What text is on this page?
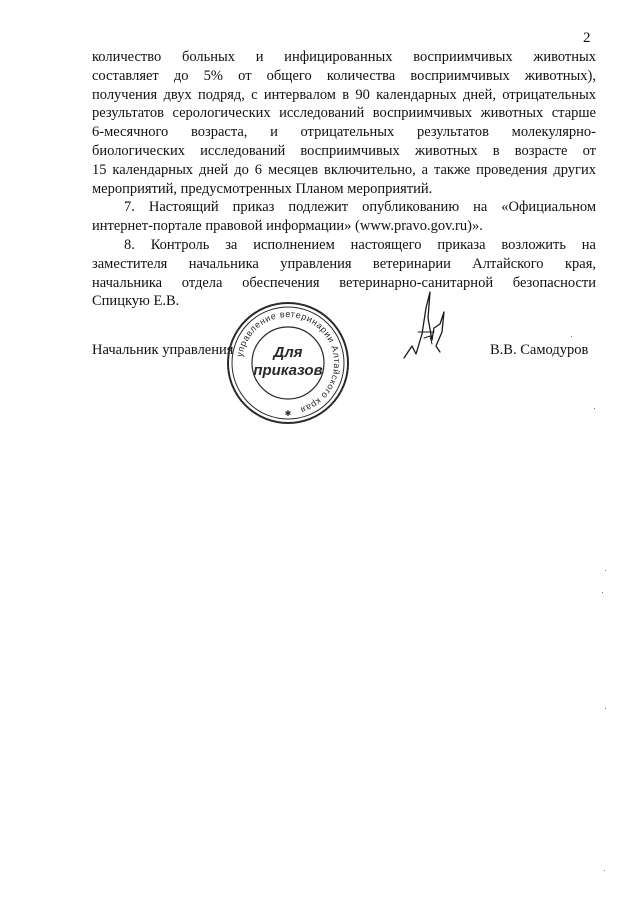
2

количество больных и инфицированных восприимчивых животных
составляет до 5% от общего количества восприимчивых животных),
получения двух подряд, с интервалом в 90 календарных дней, отрицательных
результатов серологических исследований восприимчивых животных старше
6-месячного возраста, и отрицательных результатов молекулярно-
биологических исследований восприимчивых животных в возрасте от
15 календарных дней до 6 месяцев включительно, а также проведения других
мероприятий, предусмотренных Планом мероприятий.

7. Настоящий приказ подлежит опубликованию на «Официальном
интернет-портале правовой информации» (www.pravo.gov.ru)».

8. Контроль за исполнением настоящего приказа возложить на
заместителя начальника управления ветеринарии Алтайского края,
начальника отдела обеспечения ветеринарно-санитарной безопасности
Спицкую Е.В.

Начальник управления управление ветеринарии Алтайского края
Для
приказов
✱
В.В. Самодуров
